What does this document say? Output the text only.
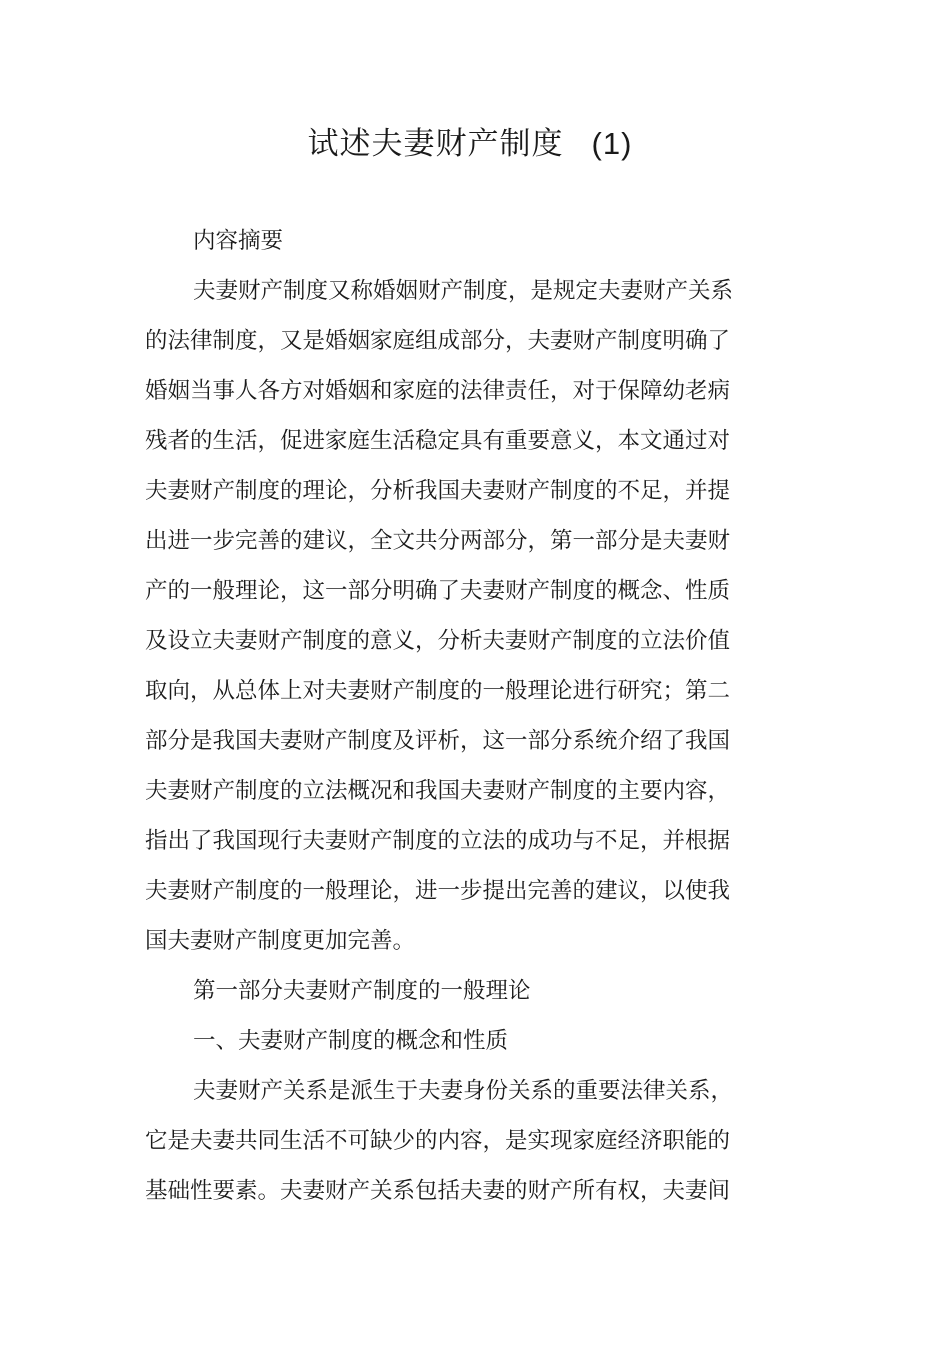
试述夫妻财产制度 (1)
内容摘要
夫妻财产制度又称婚姻财产制度，是规定夫妻财产关系
的法律制度，又是婚姻家庭组成部分，夫妻财产制度明确了
婚姻当事人各方对婚姻和家庭的法律责任，对于保障幼老病
残者的生活，促进家庭生活稳定具有重要意义，本文通过对
夫妻财产制度的理论，分析我国夫妻财产制度的不足，并提
出进一步完善的建议，全文共分两部分，第一部分是夫妻财
产的一般理论，这一部分明确了夫妻财产制度的概念、性质
及设立夫妻财产制度的意义，分析夫妻财产制度的立法价值
取向，从总体上对夫妻财产制度的一般理论进行研究；第二
部分是我国夫妻财产制度及评析，这一部分系统介绍了我国
夫妻财产制度的立法概况和我国夫妻财产制度的主要内容，
指出了我国现行夫妻财产制度的立法的成功与不足，并根据
夫妻财产制度的一般理论，进一步提出完善的建议，以使我
国夫妻财产制度更加完善。
第一部分夫妻财产制度的一般理论
一、夫妻财产制度的概念和性质
夫妻财产关系是派生于夫妻身份关系的重要法律关系，
它是夫妻共同生活不可缺少的内容，是实现家庭经济职能的
基础性要素。夫妻财产关系包括夫妻的财产所有权，夫妻间
